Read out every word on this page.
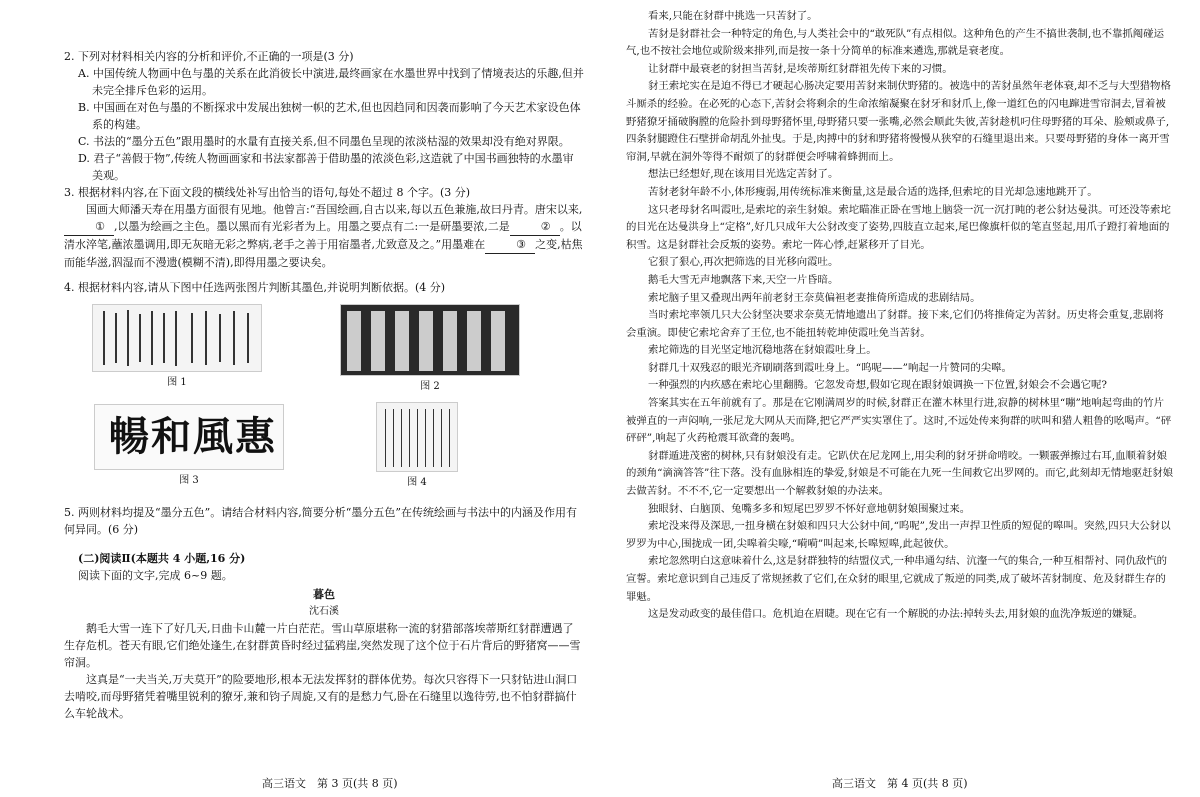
2. 下列对材料相关内容的分析和评价,不正确的一项是(3 分)

A. 中国传统人物画中色与墨的关系在此消彼长中演进,最终画家在水墨世界中找到了情境表达的乐趣,但并未完全排斥色彩的运用。

B. 中国画在对色与墨的不断探求中发展出独树一帜的艺术,但也因趋同和因袭而影响了今天艺术家设色体系的构建。

C. 书法的“墨分五色”跟用墨时的水量有直接关系,但不同墨色呈现的浓淡枯湿的效果却没有绝对界限。

D. 君子“善假于物”,传统人物画画家和书法家都善于借助墨的浓淡色彩,这造就了中国书画独特的水墨审美观。

3. 根据材料内容,在下面文段的横线处补写出恰当的语句,每处不超过 8 个字。(3 分)

国画大师潘天寿在用墨方面很有见地。他曾言:“吾国绘画,自古以来,每以五色兼施,故曰丹青。唐宋以来,① ,以墨为绘画之主色。墨以黑而有光彩者为上。用墨之要点有二:一是研墨要浓,二是	② 。以清水淬笔,蘸浓墨调用,即无灰暗无彩之弊病,老手之善于用宿墨者,尤致意及之。”用墨难在	③ 之变,枯焦而能华滋,泅湿而不漫遗(模糊不清),即得用墨之要诀矣。

4. 根据材料内容,请从下图中任选两张图片判断其墨色,并说明判断依据。(4 分)

图 1	图 2
暢和風惠
图 3	图 4

5. 两则材料均提及“墨分五色”。请结合材料内容,简要分析“墨分五色”在传统绘画与书法中的内涵及作用有何异同。(6 分)

(二)阅读Ⅱ(本题共 4 小题,16 分)

阅读下面的文字,完成 6~9 题。

暮色

沈石溪

鹅毛大雪一连下了好几天,日曲卡山麓一片白茫茫。雪山草原堪称一流的豺猎部落埃蒂斯红豺群遭遇了生存危机。苍天有眼,它们绝处逢生,在豺群黄昏时经过猛鸦崖,突然发现了这个位于石片背后的野猪窝——雪帘洞。

这真是“一夫当关,万夫莫开”的险要地形,根本无法发挥豺的群体优势。每次只容得下一只豺钻进山洞口去啃咬,而母野猪凭着嘴里锐利的獠牙,兼和钧子周旋,又有的是愁力气,卧在石缝里以逸待劳,也不怕豺群搞什么车轮战术。

看来,只能在豺群中挑选一只苦豺了。

苦豺是豺群社会一种特定的角色,与人类社会中的“敢死队”有点相似。这种角色的产生不搞世袭制,也不靠抓阄碰运气,也不按社会地位或阶级来排列,而是按一条十分简单的标准来遴选,那就是衰老度。

让豺群中最衰老的豺担当苦豺,是埃蒂斯红豺群祖先传下来的习惯。

豺王索坨实在是迫不得已才硬起心肠决定要用苦豺来制伏野猪的。被选中的苦豺虽然年老体衰,却不乏与大型猎物格斗厮杀的经验。在必死的心态下,苦豺会将剩余的生命浓缩凝聚在豺牙和豺爪上,像一道红色的闪电蹿进雪帘洞去,冒着被野猪獠牙捅破胸膛的危险扑到母野猪怀里,母野猪只要一张嘴,必然会顺此失彼,苦豺趁机叼住母野猪的耳朵、脸颊或鼻子,四条豺腿蹬住石壁拼命胡乱外扯曳。于是,肉搏中的豺和野猪将慢慢从狭窄的石缝里退出来。只要母野猪的身体一离开雪帘洞,早就在洞外等得不耐烦了的豺群便会呼啸着蜂拥而上。

想法已经想好,现在该用目光选定苦豺了。

苦豺老豺年龄不小,体形瘦弱,用传统标准来衡量,这是最合适的选择,但索坨的目光却急速地跳开了。

这只老母豺名叫霞吐,是索坨的亲生豺娘。索坨瞄准正卧在雪地上脑袋一沉一沉打盹的老公豺达曼洪。可还没等索坨的目光在达曼洪身上“定格”,好几只成年大公豺改变了姿势,四肢直立起来,尾巴像旗杆似的笔直竖起,用爪子蹬打着地面的积雪。这是豺群社会反叛的姿势。索坨一阵心悸,赶紧移开了目光。

它狠了狠心,再次把筛选的目光移向霞吐。

鹅毛大雪无声地飘落下来,天空一片昏暗。

索坨脑子里又叠现出两年前老豺王奈莫偏袒老妻推倚所造成的悲剧结局。

当时索坨率领几只大公豺坚决要求奈莫无情地遗出了豺群。接下来,它们仍将推倚定为苦豺。历史将会重复,悲剧将会重演。即使它索坨舍弃了王位,也不能扭转乾坤使霞吐免当苦豺。

索坨筛选的目光坚定地沉稳地落在豺娘霞吐身上。

豺群几十双残忍的眼光齐刷刷落到霞吐身上。“呜呢——”响起一片赞同的尖嗥。

一种强烈的内疚感在索坨心里翻腾。它忽发奇想,假如它现在跟豺娘调换一下位置,豺娘会不会遇它呢?

答案其实在五年前就有了。那是在它刚满周岁的时候,豺群正在灌木林里行进,寂静的树林里“嘣”地响起弯曲的竹片被弹直的一声闷响,一张尼龙大网从天而降,把它严严实实罩住了。这时,不远处传来狗群的吠叫和猎人粗鲁的吆喝声。“砰砰砰”,响起了火药枪震耳欲聋的轰鸣。

豺群遁进茂密的树林,只有豺娘没有走。它趴伏在尼龙网上,用尖利的豺牙拼命啃咬。一颗霰弹擦过右耳,血顺着豺娘的颈角“滴滴答答”往下落。没有血脉相连的挚爱,豺娘是不可能在九死一生间救它出罗网的。而它,此刻却无情地驱赶豺娘去做苦豺。不不不,它一定要想出一个解救豺娘的办法来。

独眼豺、白脑顶、兔嘴多多和短尾巴罗罗不怀好意地朝豺娘围聚过来。

索坨没来得及深思,一扭身横在豺娘和四只大公豺中间,“呜呢”,发出一声捍卫性质的短促的嗥叫。突然,四只大公豺以罗罗为中心,围拢成一团,尖嗥着尖嚎,“嗬嗬”叫起来,长嗥短嗥,此起彼伏。

索坨忽然明白这意味着什么,这是豺群独特的结盟仪式,一种串通勾结、沆瀣一气的集合,一种互相帮衬、同仇敌忾的宣誓。索坨意识到自己违反了常规拯救了它们,在众豺的眼里,它就成了叛逆的同类,成了破坏苦豺制度、危及豺群生存的罪魁。

这是发动政变的最佳借口。危机迫在眉睫。现在它有一个解脱的办法:掉转头去,用豺娘的血洗净叛逆的嫌疑。

高三语文　第 3 页(共 8 页)	高三语文　第 4 页(共 8 页)
